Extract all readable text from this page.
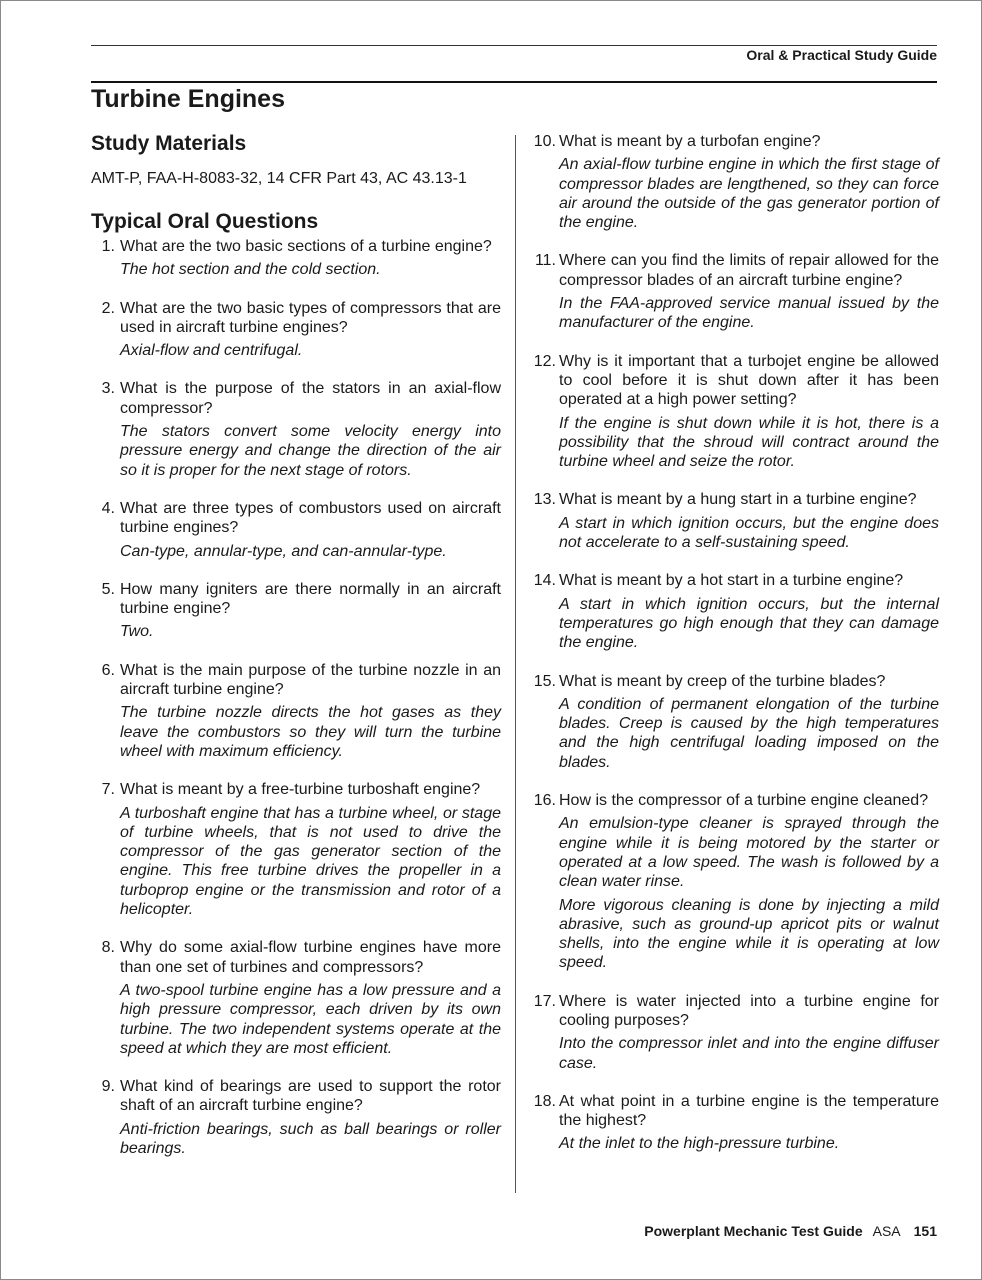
Oral & Practical Study Guide
Turbine Engines
Study Materials

AMT-P, FAA-H-8083-32, 14 CFR Part 43, AC 43.13-1

Typical Oral Questions
1. What are the two basic sections of a turbine engine?
The hot section and the cold section.
2. What are the two basic types of compressors that are used in aircraft turbine engines?
Axial-flow and centrifugal.
3. What is the purpose of the stators in an axial-flow compressor?
The stators convert some velocity energy into pressure energy and change the direction of the air so it is proper for the next stage of rotors.
4. What are three types of combustors used on aircraft turbine engines?
Can-type, annular-type, and can-annular-type.
5. How many igniters are there normally in an aircraft turbine engine?
Two.
6. What is the main purpose of the turbine nozzle in an aircraft turbine engine?
The turbine nozzle directs the hot gases as they leave the combustors so they will turn the turbine wheel with maximum efficiency.
7. What is meant by a free-turbine turboshaft engine?
A turboshaft engine that has a turbine wheel, or stage of turbine wheels, that is not used to drive the compressor of the gas generator section of the engine. This free turbine drives the propeller in a turboprop engine or the transmission and rotor of a helicopter.
8. Why do some axial-flow turbine engines have more than one set of turbines and compressors?
A two-spool turbine engine has a low pressure and a high pressure compressor, each driven by its own turbine. The two independent systems operate at the speed at which they are most efficient.
9. What kind of bearings are used to support the rotor shaft of an aircraft turbine engine?
Anti-friction bearings, such as ball bearings or roller bearings.
10. What is meant by a turbofan engine?
An axial-flow turbine engine in which the first stage of compressor blades are lengthened, so they can force air around the outside of the gas generator portion of the engine.
11. Where can you find the limits of repair allowed for the compressor blades of an aircraft turbine engine?
In the FAA-approved service manual issued by the manufacturer of the engine.
12. Why is it important that a turbojet engine be allowed to cool before it is shut down after it has been operated at a high power setting?
If the engine is shut down while it is hot, there is a possibility that the shroud will contract around the turbine wheel and seize the rotor.
13. What is meant by a hung start in a turbine engine?
A start in which ignition occurs, but the engine does not accelerate to a self-sustaining speed.
14. What is meant by a hot start in a turbine engine?
A start in which ignition occurs, but the internal temperatures go high enough that they can damage the engine.
15. What is meant by creep of the turbine blades?
A condition of permanent elongation of the turbine blades. Creep is caused by the high temperatures and the high centrifugal loading imposed on the blades.
16. How is the compressor of a turbine engine cleaned?
An emulsion-type cleaner is sprayed through the engine while it is being motored by the starter or operated at a low speed. The wash is followed by a clean water rinse.
More vigorous cleaning is done by injecting a mild abrasive, such as ground-up apricot pits or walnut shells, into the engine while it is operating at low speed.
17. Where is water injected into a turbine engine for cooling purposes?
Into the compressor inlet and into the engine diffuser case.
18. At what point in a turbine engine is the temperature the highest?
At the inlet to the high-pressure turbine.
Powerplant Mechanic Test Guide ASA 151
